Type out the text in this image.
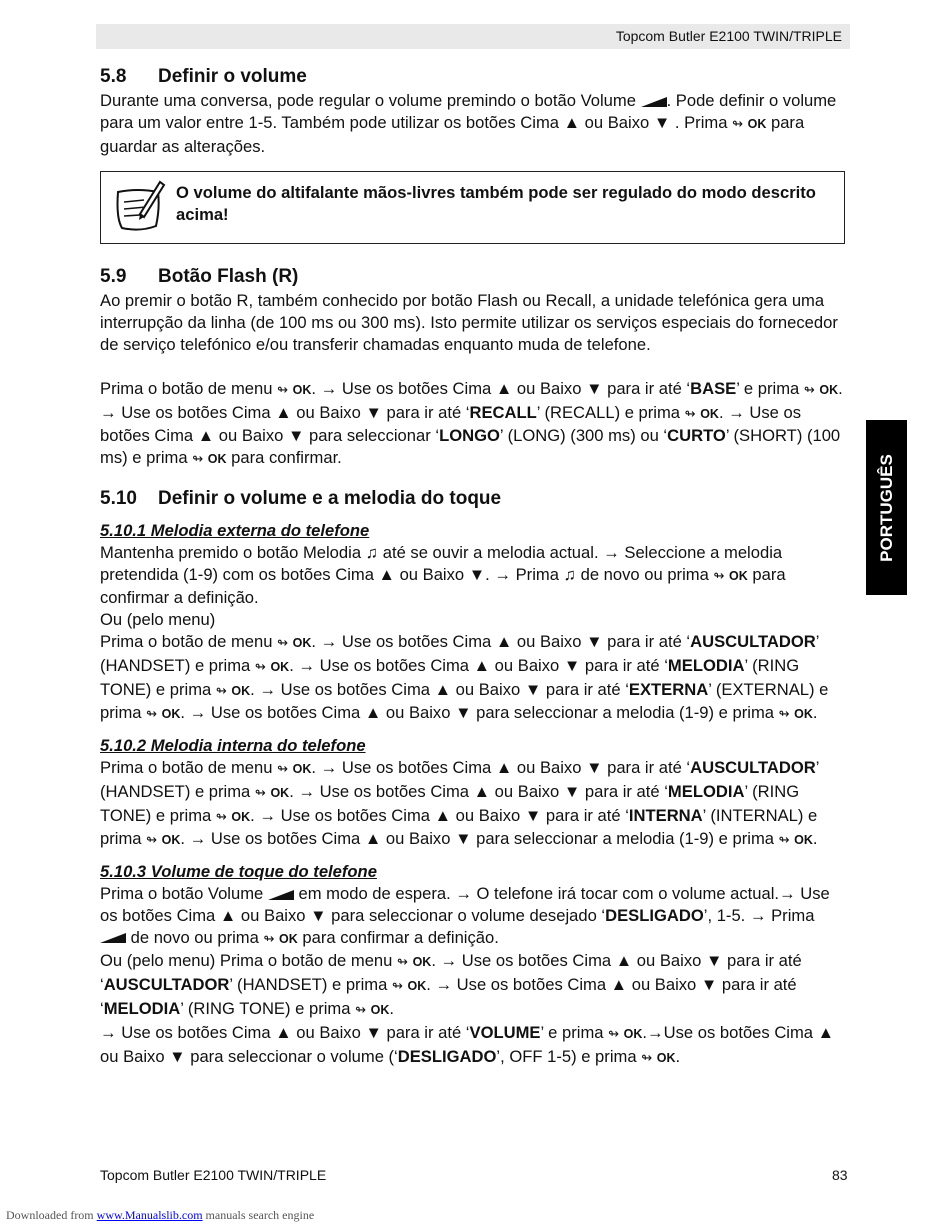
Topcom Butler E2100 TWIN/TRIPLE

5.8 Definir o volume

Durante uma conversa, pode regular o volume premindo o botão Volume . Pode definir o volume para um valor entre 1-5. Também pode utilizar os botões Cima ▲ ou Baixo ▼ . Prima ↬ OK para guardar as alterações.

O volume do altifalante mãos-livres também pode ser regulado do modo descrito acima!

5.9 Botão Flash (R)

Ao premir o botão R, também conhecido por botão Flash ou Recall, a unidade telefónica gera uma interrupção da linha (de 100 ms ou 300 ms). Isto permite utilizar os serviços especiais do fornecedor de serviço telefónico e/ou transferir chamadas enquanto muda de telefone.

Prima o botão de menu ↬ OK. → Use os botões Cima ▲ ou Baixo ▼ para ir até ‘BASE’ e prima ↬ OK. → Use os botões Cima ▲ ou Baixo ▼ para ir até ‘RECALL’ (RECALL) e prima ↬ OK. → Use os botões Cima ▲ ou Baixo ▼ para seleccionar ‘LONGO’ (LONG) (300 ms) ou ‘CURTO’ (SHORT) (100 ms) e prima ↬ OK para confirmar.

5.10 Definir o volume e a melodia do toque

5.10.1 Melodia externa do telefone

Mantenha premido o botão Melodia ♫ até se ouvir a melodia actual. → Seleccione a melodia pretendida (1-9) com os botões Cima ▲ ou Baixo ▼. → Prima ♫ de novo ou prima ↬ OK para confirmar a definição.
Ou (pelo menu)
Prima o botão de menu ↬ OK. → Use os botões Cima ▲ ou Baixo ▼ para ir até ‘AUSCULTADOR’ (HANDSET) e prima ↬ OK. → Use os botões Cima ▲ ou Baixo ▼ para ir até ‘MELODIA’ (RING TONE) e prima ↬ OK. → Use os botões Cima ▲ ou Baixo ▼ para ir até ‘EXTERNA’ (EXTERNAL) e prima ↬ OK. → Use os botões Cima ▲ ou Baixo ▼ para seleccionar a melodia (1-9) e prima ↬ OK.

5.10.2 Melodia interna do telefone

Prima o botão de menu ↬ OK. → Use os botões Cima ▲ ou Baixo ▼ para ir até ‘AUSCULTADOR’ (HANDSET) e prima ↬ OK. → Use os botões Cima ▲ ou Baixo ▼ para ir até ‘MELODIA’ (RING TONE) e prima ↬ OK. → Use os botões Cima ▲ ou Baixo ▼ para ir até ‘INTERNA’ (INTERNAL) e prima ↬ OK. → Use os botões Cima ▲ ou Baixo ▼ para seleccionar a melodia (1-9) e prima ↬ OK.

5.10.3 Volume de toque do telefone

Prima o botão Volume em modo de espera. → O telefone irá tocar com o volume actual.→ Use os botões Cima ▲ ou Baixo ▼ para seleccionar o volume desejado ‘DESLIGADO’, 1-5. → Prima  de novo ou prima ↬ OK para confirmar a definição.
Ou (pelo menu) Prima o botão de menu ↬ OK. → Use os botões Cima ▲ ou Baixo ▼ para ir até ‘AUSCULTADOR’ (HANDSET) e prima ↬ OK. → Use os botões Cima ▲ ou Baixo ▼ para ir até ‘MELODIA’ (RING TONE) e prima ↬ OK.
→ Use os botões Cima ▲ ou Baixo ▼ para ir até ‘VOLUME’ e prima ↬ OK.→Use os botões Cima ▲ ou Baixo ▼ para seleccionar o volume (‘DESLIGADO’, OFF 1-5) e prima ↬ OK.

PORTUGUÊS
Topcom Butler E2100 TWIN/TRIPLE	83
Downloaded from www.Manualslib.com manuals search engine
